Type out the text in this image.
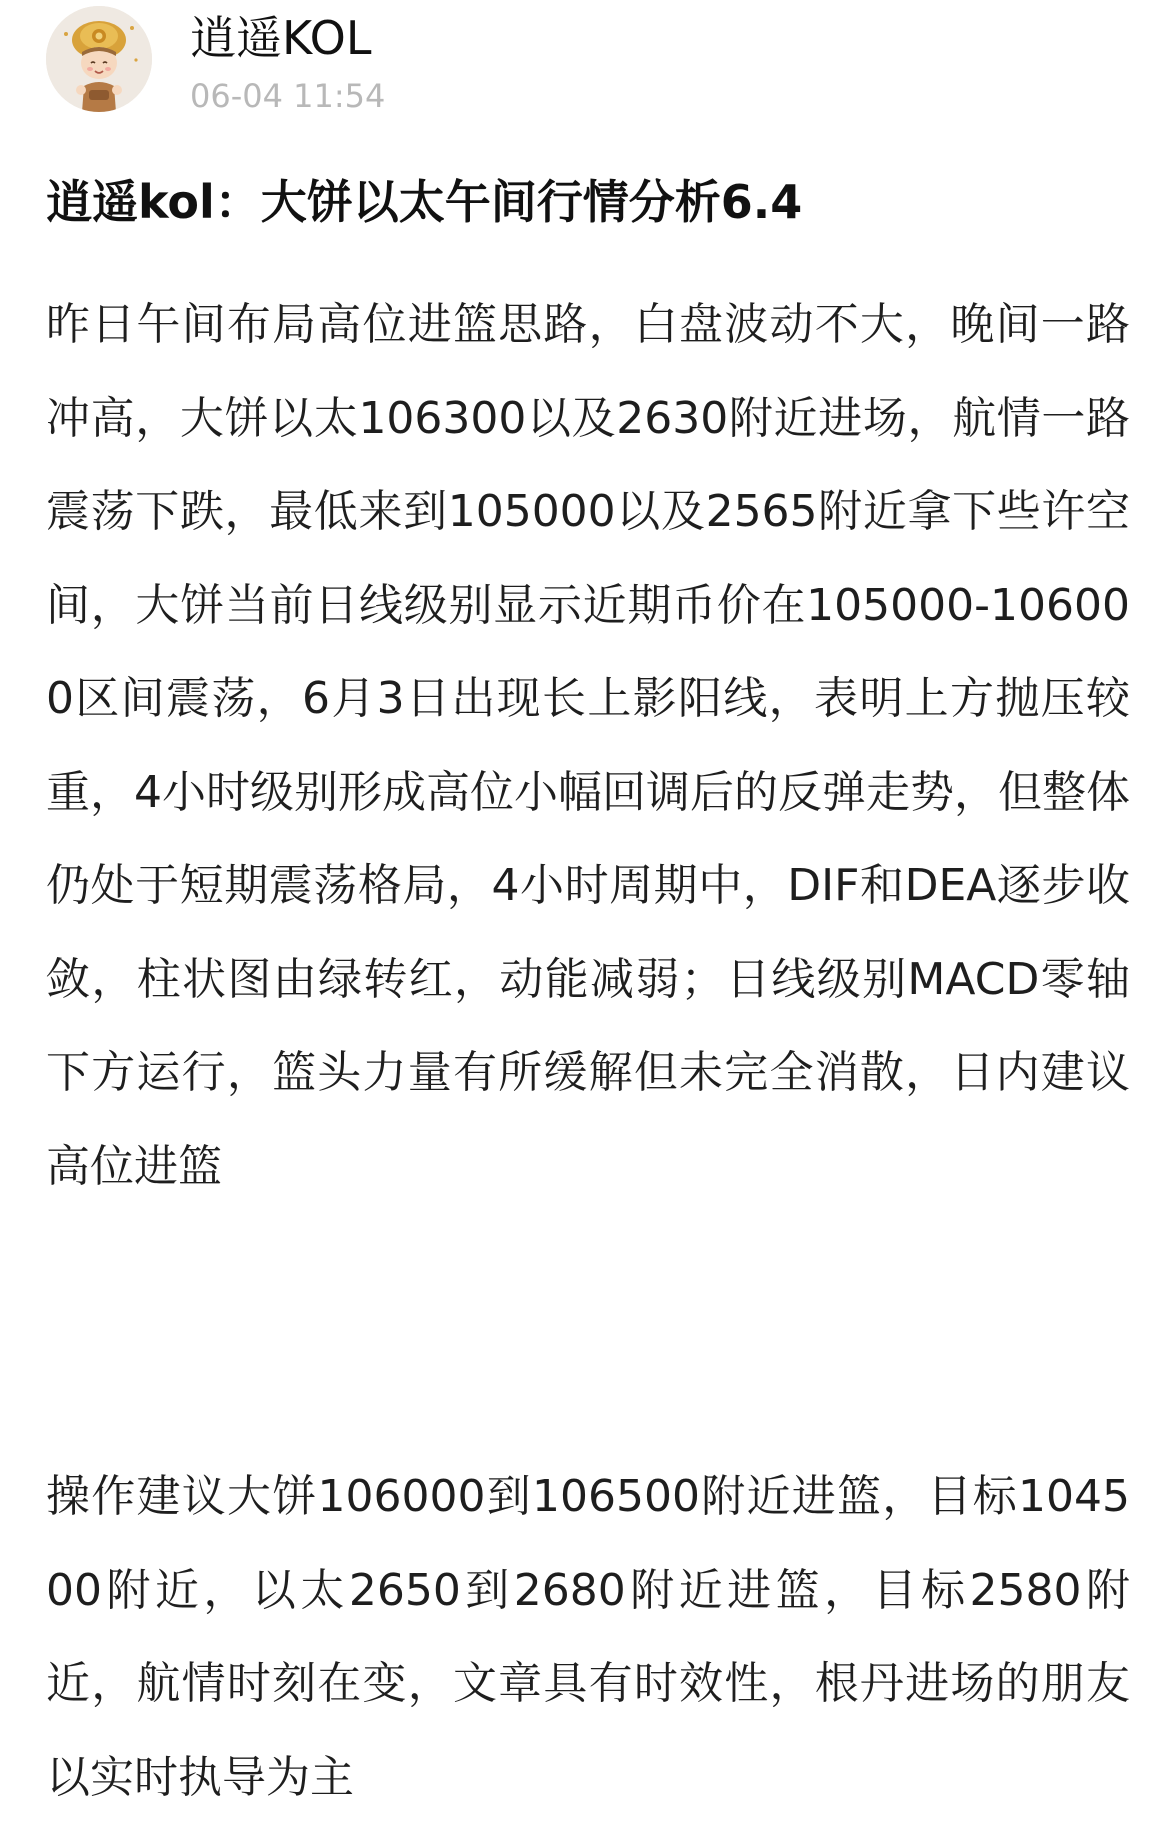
逍遥KOL
06-04 11:54
逍遥kol：大饼以太午间行情分析6.4

昨日午间布局高位进篮思路，白盘波动不大，晚间一路冲高，大饼以太106300以及2630附近进场，航情一路震荡下跌，最低来到105000以及2565附近拿下些许空间，大饼当前日线级别显示近期币价在105000-106000区间震荡，6月3日出现长上影阳线，表明上方抛压较重，4小时级别形成高位小幅回调后的反弹走势，但整体仍处于短期震荡格局，4小时周期中，DIF和DEA逐步收敛，柱状图由绿转红，动能减弱；日线级别MACD零轴下方运行，篮头力量有所缓解但未完全消散，日内建议高位进篮

操作建议大饼106000到106500附近进篮，目标104500附近，以太2650到2680附近进篮，目标2580附近，航情时刻在变，文章具有时效性，根丹进场的朋友以实时执导为主
